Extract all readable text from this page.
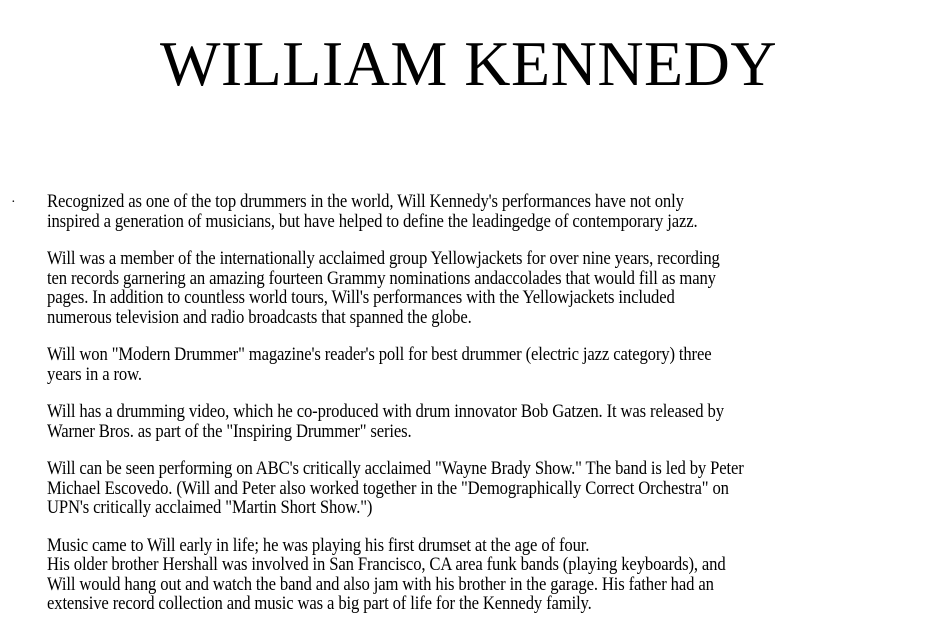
WILLIAM KENNEDY
· Recognized as one of the top drummers in the world, Will Kennedy's performances have not only
inspired a generation of musicians, but have helped to define the leadingedge of contemporary jazz.

Will was a member of the internationally acclaimed group Yellowjackets for over nine years, recording
ten records garnering an amazing fourteen Grammy nominations andaccolades that would fill as many
pages. In addition to countless world tours, Will's performances with the Yellowjackets included
numerous television and radio broadcasts that spanned the globe.

Will won "Modern Drummer" magazine's reader's poll for best drummer (electric jazz category) three
years in a row.

Will has a drumming video, which he co-produced with drum innovator Bob Gatzen. It was released by
Warner Bros. as part of the "Inspiring Drummer" series.

Will can be seen performing on ABC's critically acclaimed "Wayne Brady Show." The band is led by Peter
Michael Escovedo. (Will and Peter also worked together in the "Demographically Correct Orchestra" on
UPN's critically acclaimed "Martin Short Show.")

Music came to Will early in life; he was playing his first drumset at the age of four.
His older brother Hershall was involved in San Francisco, CA area funk bands (playing keyboards), and
Will would hang out and watch the band and also jam with his brother in the garage. His father had an
extensive record collection and music was a big part of life for the Kennedy family.
